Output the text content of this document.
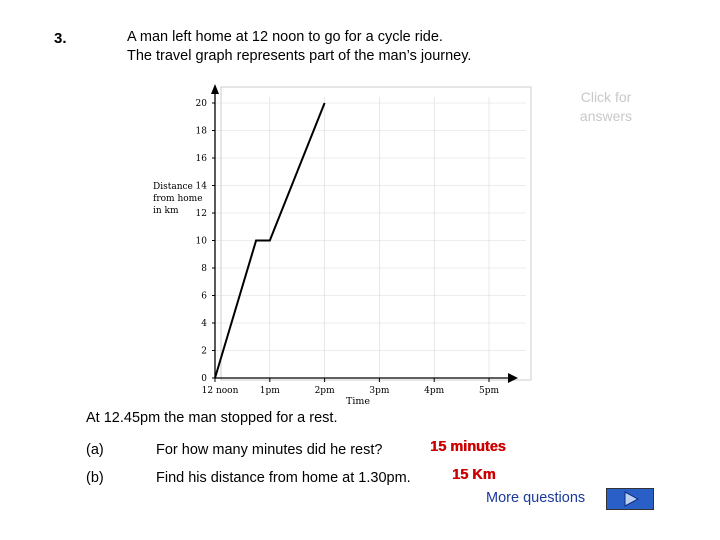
3.	A man left home at 12 noon to go for a cycle ride.
The travel graph represents part of the man’s journey.
Click for
answers
0
2
4
6
8
10
12
14
16
18
20
12 noon 1pm	2pm	3pm	4pm	5pm
Distance
from home
in km
Time
At 12.45pm the man stopped for a rest.
(a)	For how many minutes did he rest?	15 minutes
(b)	Find his distance from home at 1.30pm.	15 Km
More questions
